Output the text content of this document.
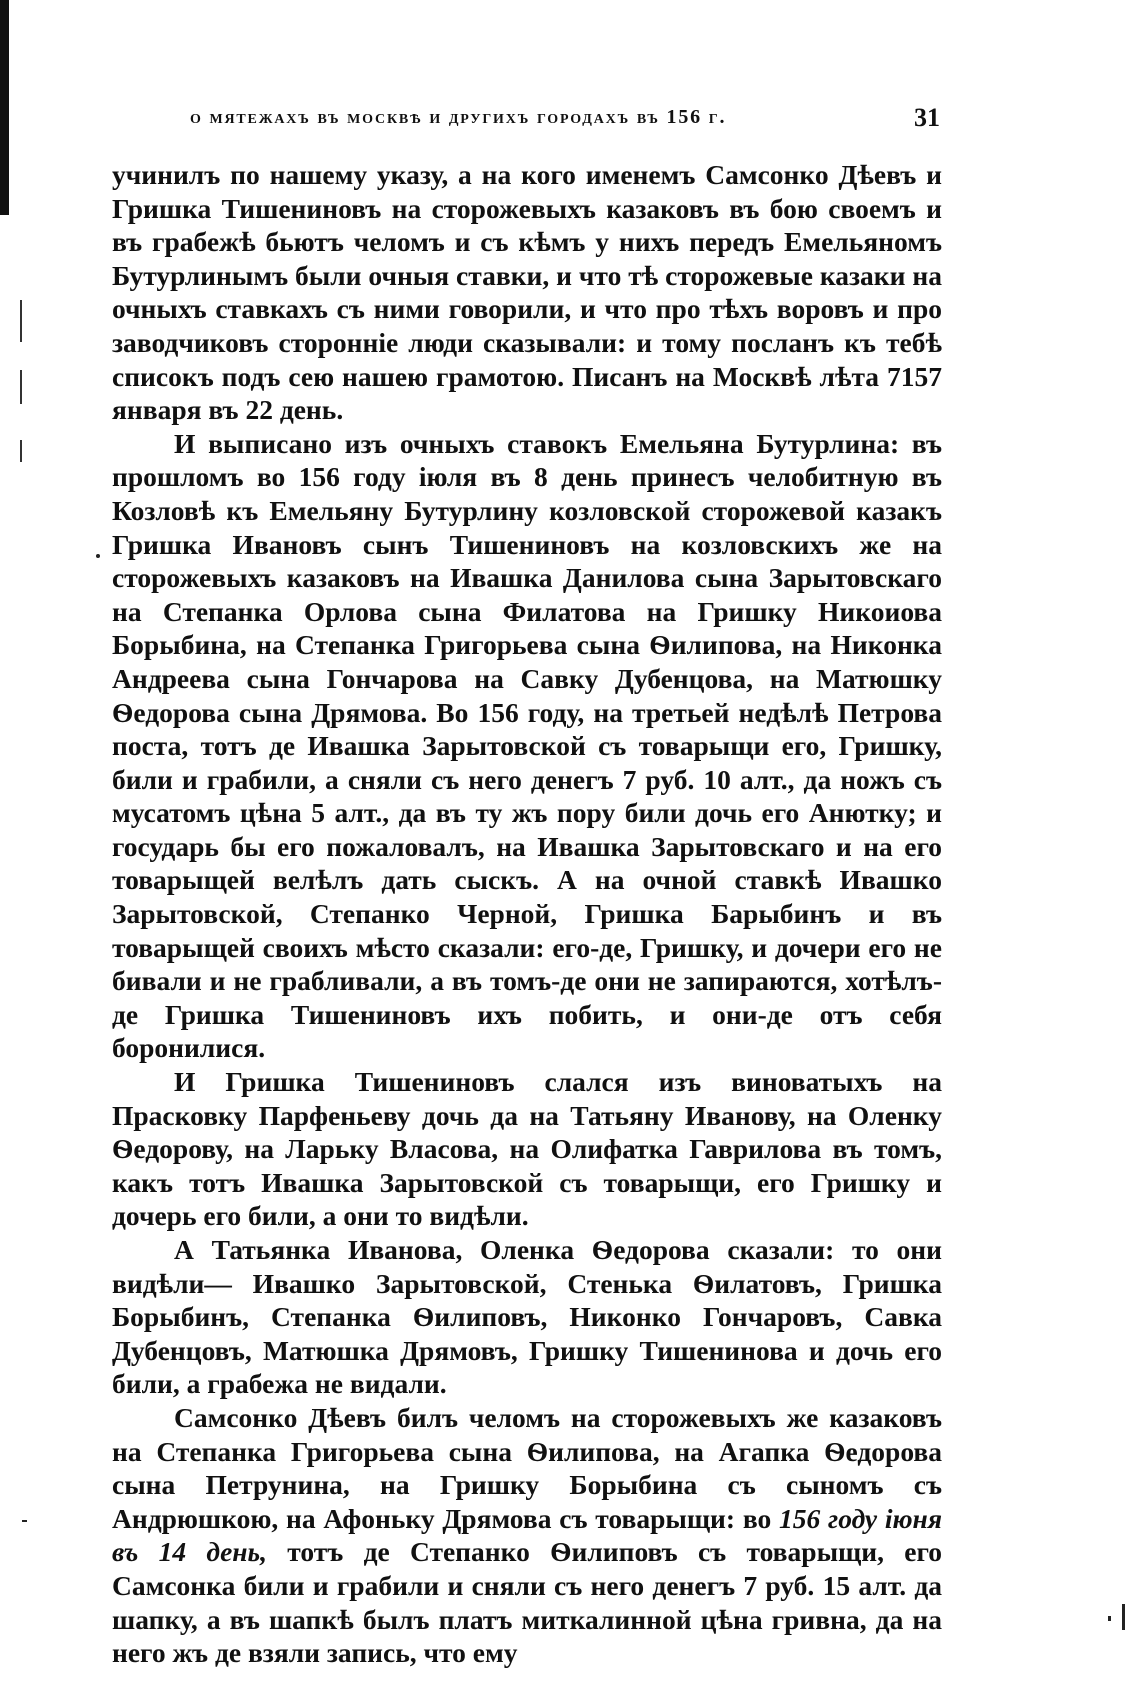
о мятежахъ въ москвѣ и другихъ городахъ въ 156 г.	31

учинилъ по нашему указу, а на кого именемъ Самсонко Дѣевъ и Гришка Тишениновъ на сторожевыхъ казаковъ въ бою своемъ и въ грабежѣ бьютъ челомъ и съ кѣмъ у нихъ передъ Емельяномъ Бутурлинымъ были очныя ставки, и что тѣ сторожевые казаки на очныхъ ставкахъ съ ними говорили, и что про тѣхъ воровъ и про заводчиковъ стороннiе люди сказывали: и тому посланъ къ тебѣ списокъ подъ сею нашею грамотою. Писанъ на Москвѣ лѣта 7157 января въ 22 день.

И выписано изъ очныхъ ставокъ Емельяна Бутурлина: въ прошломъ во 156 году iюля въ 8 день принесъ челобитную въ Козловѣ къ Емельяну Бутурлину козловской сторожевой казакъ Гришка Ивановъ сынъ Тишениновъ на козловскихъ же на сторожевыхъ казаковъ на Ивашка Данилова сына Зарытовскаго на Степанка Орлова сына Филатова на Гришку Никоиова Борыбина, на Степанка Григорьева сына Ѳилипова, на Никонка Андреева сына Гончарова на Савку Дубенцова, на Матюшку Ѳедорова сына Дрямова. Во 156 году, на третьей недѣлѣ Петрова поста, тотъ де Ивашка Зарытовской съ товарыщи его, Гришку, били и грабили, а сняли съ него денегъ 7 руб. 10 алт., да ножъ съ мусатомъ цѣна 5 алт., да въ ту жъ пору били дочь его Анютку; и государь бы его пожаловалъ, на Ивашка Зарытовскаго и на его товарыщей велѣлъ дать сыскъ. А на очной ставкѣ Ивашко Зарытовской, Степанко Черной, Гришка Барыбинъ и въ товарыщей своихъ мѣсто сказали: его-де, Гришку, и дочери его не бивали и не грабливали, а въ томъ-де они не запираются, хотѣлъ-де Гришка Тишениновъ ихъ побить, и они-де отъ себя боронилися.

И Гришка Тишениновъ слался изъ виноватыхъ на Прасковку Парфеньеву дочь да на Татьяну Иванову, на Оленку Ѳедорову, на Ларьку Власова, на Олифатка Гаврилова въ томъ, какъ тотъ Ивашка Зарытовской съ товарыщи, его Гришку и дочерь его били, а они то видѣли.

А Татьянка Иванова, Оленка Ѳедорова сказали: то они видѣли— Ивашко Зарытовской, Стенька Ѳилатовъ, Гришка Борыбинъ, Степанка Ѳилиповъ, Никонко Гончаровъ, Савка Дубенцовъ, Матюшка Дрямовъ, Гришку Тишенинова и дочь его били, а грабежа не видали.

Самсонко Дѣевъ билъ челомъ на сторожевыхъ же казаковъ на Степанка Григорьева сына Ѳилипова, на Агапка Ѳедорова сына Петрунина, на Гришку Борыбина съ сыномъ съ Андрюшкою, на Афоньку Дрямова съ товарыщи: во 156 году iюня въ 14 день, тотъ де Степанко Ѳилиповъ съ товарыщи, его Самсонка били и грабили и сняли съ него денегъ 7 руб. 15 алт. да шапку, а въ шапкѣ былъ платъ миткалинной цѣна гривна, да на него жъ де взяли запись, что ему
